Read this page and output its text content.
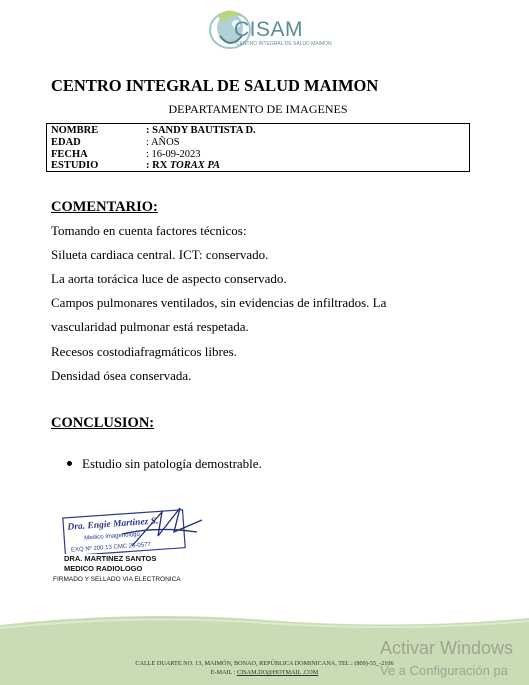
CISAM
CENTRO INTEGRAL DE SALUD MAIMON
CENTRO INTEGRAL DE SALUD MAIMON
DEPARTAMENTO DE IMAGENES
NOMBRE	: SANDY BAUTISTA D.
EDAD	: AÑOS
FECHA	: 16-09-2023
ESTUDIO	: RX TORAX PA
COMENTARIO:
Tomando en cuenta factores técnicos:
Silueta cardiaca central. ICT: conservado.
La aorta torácica luce de aspecto conservado.
Campos pulmonares ventilados, sin evidencias de infiltrados. La
vascularidad pulmonar está respetada.
Recesos costodiafragmáticos libres.
Densidad ósea conservada.
CONCLUSION:
Estudio sin patología demostrable.
Dra. Engie Martinez S.
Medico Imagenologo
EXQ Nº 200 13 CMC 25-0577
DRA. MARTINEZ SANTOS
MEDICO RADIOLOGO
FIRMADO Y SELLADO VIA ELECTRONICA
CALLE DUARTE NO. 13, MAIMÓN, BONAO, REPÚBLICA DOMINICANA, TEL.: (809)-55_-2106
E-MAIL : CISAM.DO@HOTMAIL .COM
Activar Windows
Ve a Configuración pa
